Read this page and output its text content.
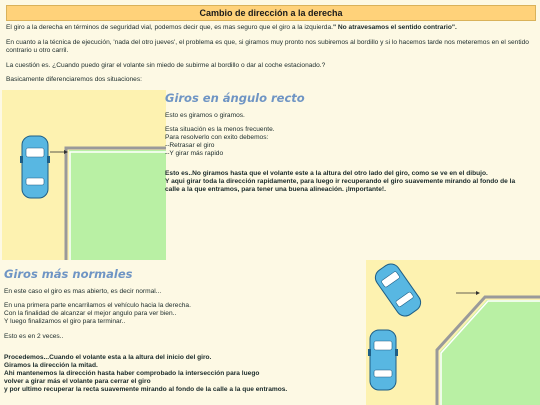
Cambio de dirección a la derecha

El giro a la derecha en términos de seguridad vial, podemos decir que, es mas seguro que el giro a la izquierda." No atravesamos el sentido contrario".

En cuanto a la técnica de ejecución, 'nada del otro jueves', el problema es que, si giramos muy pronto nos subiremos al bordillo y si lo hacemos tarde nos meteremos en el sentido contrario u otro carril.

La cuestión es. ¿Cuando puedo girar el volante sin miedo de subirme al bordillo o dar al coche estacionado.?

Basicamente diferenciaremos dos situaciones:

Giros en ángulo recto
Esto es giramos o giramos.
Esta situación es la menos frecuente.
Para resolverlo con exito debemos:
--Retrasar el giro
--Y girar más rapido
Esto es..No giramos hasta que el volante este a la altura del otro lado del giro, como se ve en el dibujo.
Y aqui girar toda la dirección rapidamente, para luego ir recuperando el giro suavemente mirando al fondo de la
calle a la que entramos, para tener una buena alineación. ¡Importante!.
Giros más normales
En este caso el giro es mas abierto, es decir normal...
En una primera parte encarrilamos el vehículo hacia la derecha.
Con la finalidad de alcanzar el mejor angulo para ver bien..
Y luego finalizamos el giro para terminar..
Esto es en 2 veces..
Procedemos...Cuando el volante esta a la altura del inicio del giro.
Giramos la dirección la mitad.
Ahi mantenemos la dirección hasta haber comprobado la intersección para luego
volver a girar más el volante para cerrar el giro
y por ultimo recuperar la recta suavemente mirando al fondo de la calle a la que entramos.
